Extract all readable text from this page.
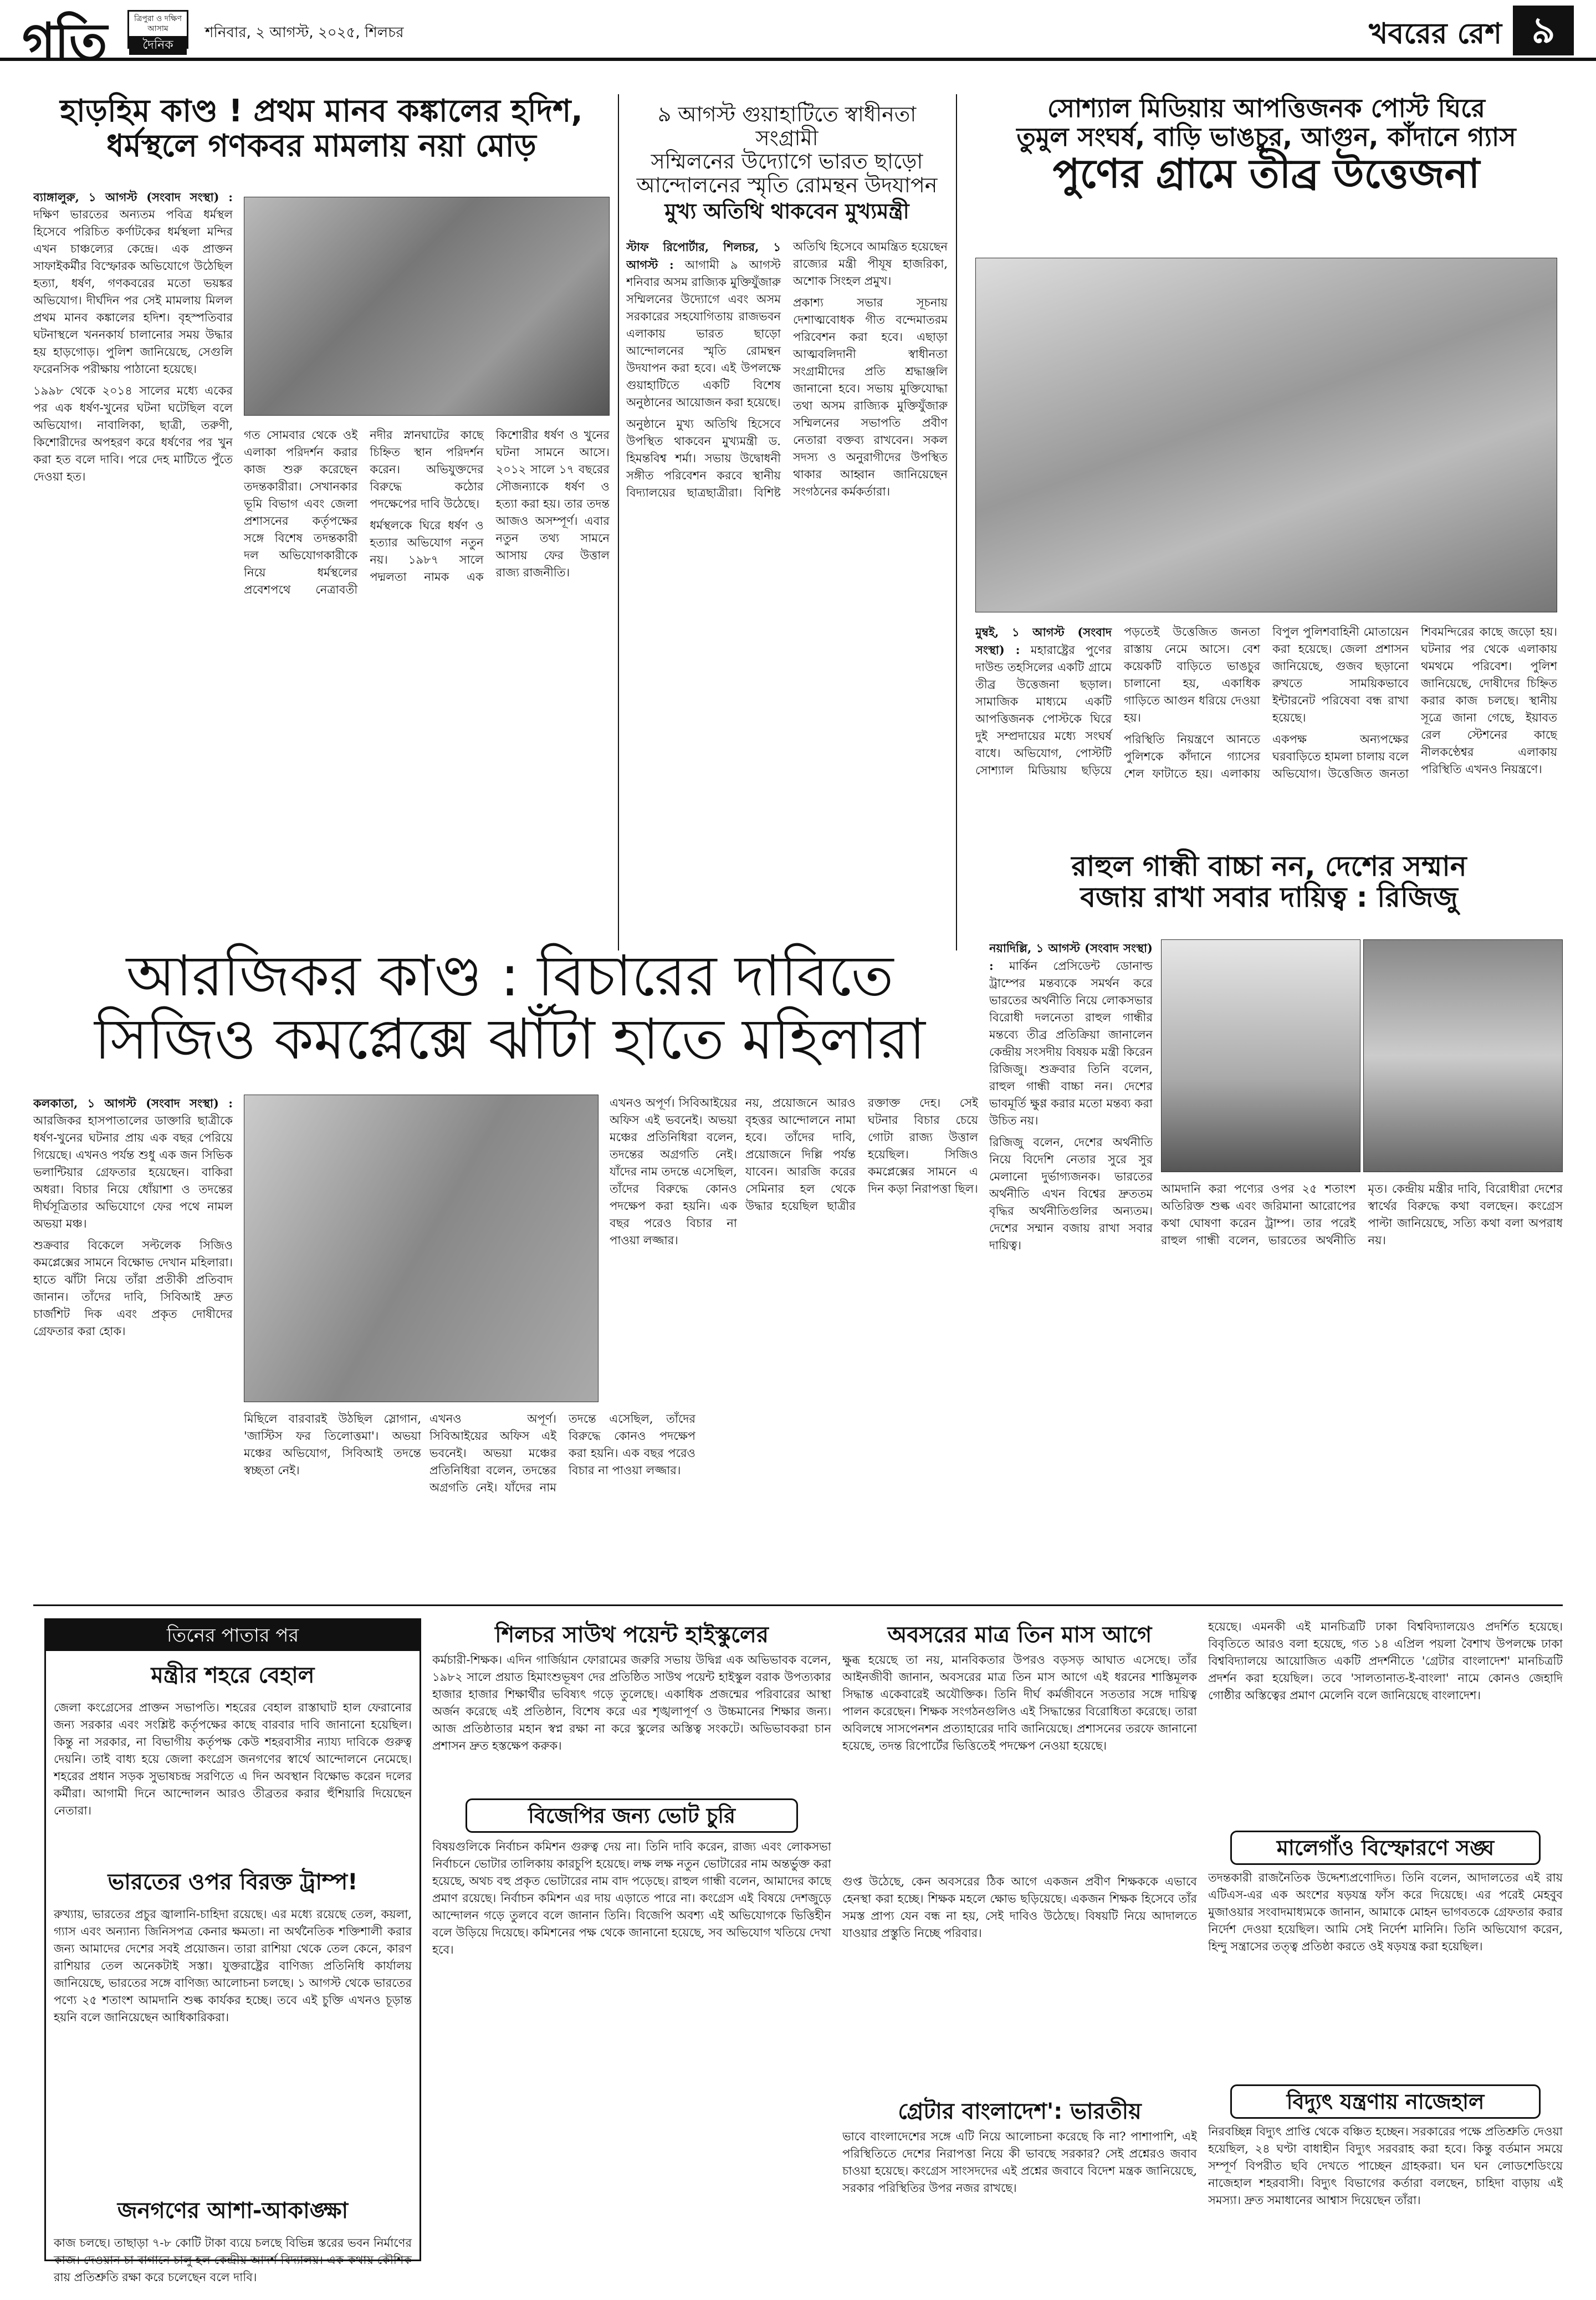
গতি	ত্রিপুরা ও দক্ষিণ আসাম
দৈনিক
শনিবার, ২ আগস্ট, ২০২৫, শিলচর	খবরের রেশ ৯
হাড়হিম কাণ্ড ! প্রথম মানব কঙ্কালের হদিশ,
ধর্মস্থলে গণকবর মামলায় নয়া মোড়

ব্যাঙ্গালুরু, ১ আগস্ট (সংবাদ সংস্থা) : দক্ষিণ ভারতের অন্যতম পবিত্র ধর্মস্থল হিসেবে পরিচিত কর্ণাটকের ধর্মস্থলা মন্দির এখন চাঞ্চল্যের কেন্দ্রে। এক প্রাক্তন সাফাইকর্মীর বিস্ফোরক অভিযোগে উঠেছিল হত্যা, ধর্ষণ, গণকবরের মতো ভয়ঙ্কর অভিযোগ। দীর্ঘদিন পর সেই মামলায় মিলল প্রথম মানব কঙ্কালের হদিশ। বৃহস্পতিবার ঘটনাস্থলে খননকার্য চালানোর সময় উদ্ধার হয় হাড়গোড়। পুলিশ জানিয়েছে, সেগুলি ফরেনসিক পরীক্ষায় পাঠানো হয়েছে।

১৯৯৮ থেকে ২০১৪ সালের মধ্যে একের পর এক ধর্ষণ-খুনের ঘটনা ঘটেছিল বলে অভিযোগ। নাবালিকা, ছাত্রী, তরুণী, কিশোরীদের অপহরণ করে ধর্ষণের পর খুন করা হত বলে দাবি। পরে দেহ মাটিতে পুঁতে দেওয়া হত।

গত সোমবার থেকে ওই এলাকা পরিদর্শন করার কাজ শুরু করেছেন তদন্তকারীরা। সেখানকার ভূমি বিভাগ এবং জেলা প্রশাসনের কর্তৃপক্ষের সঙ্গে বিশেষ তদন্তকারী দল অভিযোগকারীকে নিয়ে ধর্মস্থলের প্রবেশপথে নেত্রাবতী নদীর স্নানঘাটের কাছে চিহ্নিত স্থান পরিদর্শন করেন। অভিযুক্তদের বিরুদ্ধে কঠোর পদক্ষেপের দাবি উঠেছে।

ধর্মস্থলকে ঘিরে ধর্ষণ ও হত্যার অভিযোগ নতুন নয়। ১৯৮৭ সালে পদ্মলতা নামক এক কিশোরীর ধর্ষণ ও খুনের ঘটনা সামনে আসে। ২০১২ সালে ১৭ বছরের সৌজন্যাকে ধর্ষণ ও হত্যা করা হয়। তার তদন্ত আজও অসম্পূর্ণ। এবার নতুন তথ্য সামনে আসায় ফের উত্তাল রাজ্য রাজনীতি।

৯ আগস্ট গুয়াহাটিতে স্বাধীনতা সংগ্রামী
সম্মিলনের উদ্যোগে ভারত ছাড়ো
আন্দোলনের স্মৃতি রোমন্থন উদযাপন
মুখ্য অতিথি থাকবেন মুখ্যমন্ত্রী

স্টাফ রিপোর্টার, শিলচর, ১ আগস্ট : আগামী ৯ আগস্ট শনিবার অসম রাজ্যিক মুক্তিযুঁজারু সম্মিলনের উদ্যোগে এবং অসম সরকারের সহযোগিতায় রাজভবন এলাকায় ভারত ছাড়ো আন্দোলনের স্মৃতি রোমন্থন উদযাপন করা হবে। এই উপলক্ষে গুয়াহাটিতে একটি বিশেষ অনুষ্ঠানের আয়োজন করা হয়েছে।

অনুষ্ঠানে মুখ্য অতিথি হিসেবে উপস্থিত থাকবেন মুখ্যমন্ত্রী ড. হিমন্তবিশ্ব শর্মা। সভায় উদ্বোধনী সঙ্গীত পরিবেশন করবে স্থানীয় বিদ্যালয়ের ছাত্রছাত্রীরা। বিশিষ্ট অতিথি হিসেবে আমন্ত্রিত হয়েছেন রাজ্যের মন্ত্রী পীযূষ হাজরিকা, অশোক সিংহল প্রমুখ।

প্রকাশ্য সভার সূচনায় দেশাত্মবোধক গীত বন্দেমাতরম পরিবেশন করা হবে। এছাড়া আত্মবলিদানী স্বাধীনতা সংগ্রামীদের প্রতি শ্রদ্ধাঞ্জলি জানানো হবে। সভায় মুক্তিযোদ্ধা তথা অসম রাজ্যিক মুক্তিযুঁজারু সম্মিলনের সভাপতি প্রবীণ নেতারা বক্তব্য রাখবেন। সকল সদস্য ও অনুরাগীদের উপস্থিত থাকার আহ্বান জানিয়েছেন সংগঠনের কর্মকর্তারা।

সোশ্যাল মিডিয়ায় আপত্তিজনক পোস্ট ঘিরে
তুমুল সংঘর্ষ, বাড়ি ভাঙচুর, আগুন, কাঁদানে গ্যাস
পুণের গ্রামে তীব্র উত্তেজনা

মুম্বই, ১ আগস্ট (সংবাদ সংস্থা) : মহারাষ্ট্রের পুণের দাউন্ড তহসিলের একটি গ্রামে তীব্র উত্তেজনা ছড়াল। সামাজিক মাধ্যমে একটি আপত্তিজনক পোস্টকে ঘিরে দুই সম্প্রদায়ের মধ্যে সংঘর্ষ বাধে। অভিযোগ, পোস্টটি সোশ্যাল মিডিয়ায় ছড়িয়ে পড়তেই উত্তেজিত জনতা রাস্তায় নেমে আসে। বেশ কয়েকটি বাড়িতে ভাঙচুর চালানো হয়, একাধিক গাড়িতে আগুন ধরিয়ে দেওয়া হয়।

পরিস্থিতি নিয়ন্ত্রণে আনতে পুলিশকে কাঁদানে গ্যাসের শেল ফাটাতে হয়। এলাকায় বিপুল পুলিশবাহিনী মোতায়েন করা হয়েছে। জেলা প্রশাসন জানিয়েছে, গুজব ছড়ানো রুখতে সাময়িকভাবে ইন্টারনেট পরিষেবা বন্ধ রাখা হয়েছে।

একপক্ষ অন্যপক্ষের ঘরবাড়িতে হামলা চালায় বলে অভিযোগ। উত্তেজিত জনতা শিবমন্দিরের কাছে জড়ো হয়। ঘটনার পর থেকে এলাকায় থমথমে পরিবেশ। পুলিশ জানিয়েছে, দোষীদের চিহ্নিত করার কাজ চলছে। স্থানীয় সূত্রে জানা গেছে, ইয়াবত রেল স্টেশনের কাছে নীলকণ্ঠেশ্বর এলাকায় পরিস্থিতি এখনও নিয়ন্ত্রণে।

আরজিকর কাণ্ড : বিচারের দাবিতে
সিজিও কমপ্লেক্সে ঝাঁটা হাতে মহিলারা
রাহুল গান্ধী বাচ্চা নন, দেশের সম্মান
বজায় রাখা সবার দায়িত্ব : রিজিজু

কলকাতা, ১ আগস্ট (সংবাদ সংস্থা) : আরজিকর হাসপাতালের ডাক্তারি ছাত্রীকে ধর্ষণ-খুনের ঘটনার প্রায় এক বছর পেরিয়ে গিয়েছে। এখনও পর্যন্ত শুধু এক জন সিভিক ভলান্টিয়ার গ্রেফতার হয়েছেন। বাকিরা অধরা। বিচার নিয়ে ধোঁয়াশা ও তদন্তের দীর্ঘসূত্রিতার অভিযোগে ফের পথে নামল অভয়া মঞ্চ।

শুক্রবার বিকেলে সল্টলেক সিজিও কমপ্লেক্সের সামনে বিক্ষোভ দেখান মহিলারা। হাতে ঝাঁটা নিয়ে তাঁরা প্রতীকী প্রতিবাদ জানান। তাঁদের দাবি, সিবিআই দ্রুত চার্জশিট দিক এবং প্রকৃত দোষীদের গ্রেফতার করা হোক।

মিছিলে বারবারই উঠছিল স্লোগান, 'জাস্টিস ফর তিলোত্তমা'। অভয়া মঞ্চের অভিযোগ, সিবিআই তদন্তে স্বচ্ছতা নেই।

এখনও অপূর্ণ। সিবিআইয়ের অফিস এই ভবনেই। অভয়া মঞ্চের প্রতিনিধিরা বলেন, তদন্তের অগ্রগতি নেই। যাঁদের নাম তদন্তে এসেছিল, তাঁদের বিরুদ্ধে কোনও পদক্ষেপ করা হয়নি। এক বছর পরেও বিচার না পাওয়া লজ্জার।

এখনও অপূর্ণ। সিবিআইয়ের অফিস এই ভবনেই। অভয়া মঞ্চের প্রতিনিধিরা বলেন, তদন্তের অগ্রগতি নেই। যাঁদের নাম তদন্তে এসেছিল, তাঁদের বিরুদ্ধে কোনও পদক্ষেপ করা হয়নি। এক বছর পরেও বিচার না পাওয়া লজ্জার।

নয়, প্রয়োজনে আরও বৃহত্তর আন্দোলনে নামা হবে। তাঁদের দাবি, প্রয়োজনে দিল্লি পর্যন্ত যাবেন। আরজি করের সেমিনার হল থেকে উদ্ধার হয়েছিল ছাত্রীর রক্তাক্ত দেহ। সেই ঘটনার বিচার চেয়ে গোটা রাজ্য উত্তাল হয়েছিল। সিজিও কমপ্লেক্সের সামনে এ দিন কড়া নিরাপত্তা ছিল।

নয়াদিল্লি, ১ আগস্ট (সংবাদ সংস্থা) : মার্কিন প্রেসিডেন্ট ডোনাল্ড ট্রাম্পের মন্তব্যকে সমর্থন করে ভারতের অর্থনীতি নিয়ে লোকসভার বিরোধী দলনেতা রাহুল গান্ধীর মন্তব্যে তীব্র প্রতিক্রিয়া জানালেন কেন্দ্রীয় সংসদীয় বিষয়ক মন্ত্রী কিরেন রিজিজু। শুক্রবার তিনি বলেন, রাহুল গান্ধী বাচ্চা নন। দেশের ভাবমূর্তি ক্ষুণ্ণ করার মতো মন্তব্য করা উচিত নয়।

রিজিজু বলেন, দেশের অর্থনীতি নিয়ে বিদেশি নেতার সুরে সুর মেলানো দুর্ভাগ্যজনক। ভারতের অর্থনীতি এখন বিশ্বের দ্রুততম বৃদ্ধির অর্থনীতিগুলির অন্যতম। দেশের সম্মান বজায় রাখা সবার দায়িত্ব।

আমদানি করা পণ্যের ওপর ২৫ শতাংশ অতিরিক্ত শুল্ক এবং জরিমানা আরোপের কথা ঘোষণা করেন ট্রাম্প। তার পরেই রাহুল গান্ধী বলেন, ভারতের অর্থনীতি মৃত। কেন্দ্রীয় মন্ত্রীর দাবি, বিরোধীরা দেশের স্বার্থের বিরুদ্ধে কথা বলছেন। কংগ্রেস পাল্টা জানিয়েছে, সত্যি কথা বলা অপরাধ নয়।

তিনের পাতার পর
মন্ত্রীর শহরে বেহাল
জেলা কংগ্রেসের প্রাক্তন সভাপতি। শহরের বেহাল রাস্তাঘাট হাল ফেরানোর জন্য সরকার এবং সংশ্লিষ্ট কর্তৃপক্ষের কাছে বারবার দাবি জানানো হয়েছিল। কিন্তু না সরকার, না বিভাগীয় কর্তৃপক্ষ কেউ শহরবাসীর ন্যায্য দাবিকে গুরুত্ব দেয়নি। তাই বাধ্য হয়ে জেলা কংগ্রেস জনগণের স্বার্থে আন্দোলনে নেমেছে। শহরের প্রধান সড়ক সুভাষচন্দ্র সরণিতে এ দিন অবস্থান বিক্ষোভ করেন দলের কর্মীরা। আগামী দিনে আন্দোলন আরও তীব্রতর করার হুঁশিয়ারি দিয়েছেন নেতারা।
ভারতের ওপর বিরক্ত ট্রাম্প!
রুখ্যায়, ভারতের প্রচুর জ্বালানি-চাহিদা রয়েছে। এর মধ্যে রয়েছে তেল, কয়লা, গ্যাস এবং অন্যান্য জিনিসপত্র কেনার ক্ষমতা। না অর্থনৈতিক শক্তিশালী করার জন্য আমাদের দেশের সবই প্রয়োজন। তারা রাশিয়া থেকে তেল কেনে, কারণ রাশিয়ার তেল অনেকটাই সস্তা। যুক্তরাষ্ট্রের বাণিজ্য প্রতিনিধি কার্যালয় জানিয়েছে, ভারতের সঙ্গে বাণিজ্য আলোচনা চলছে। ১ আগস্ট থেকে ভারতের পণ্যে ২৫ শতাংশ আমদানি শুল্ক কার্যকর হচ্ছে। তবে এই চুক্তি এখনও চূড়ান্ত হয়নি বলে জানিয়েছেন আধিকারিকরা।
জনগণের আশা-আকাঙ্ক্ষা
কাজ চলছে। তাছাড়া ৭-৮ কোটি টাকা ব্যয়ে চলছে বিভিন্ন স্তরের ভবন নির্মাণের কাজ। দেওয়ান চা বাগানে চালু হল কেন্দ্রীয় আদর্শ বিদ্যালয়। এক কথায় কৌশিক রায় প্রতিশ্রুতি রক্ষা করে চলেছেন বলে দাবি।
শিলচর সাউথ পয়েন্ট হাইস্কুলের
কর্মচারী-শিক্ষক। এদিন গার্জিয়ান ফোরামের জরুরি সভায় উদ্বিগ্ন এক অভিভাবক বলেন, ১৯৮২ সালে প্রয়াত হিমাংশুভূষণ দের প্রতিষ্ঠিত সাউথ পয়েন্ট হাইস্কুল বরাক উপত্যকার হাজার হাজার শিক্ষার্থীর ভবিষ্যৎ গড়ে তুলেছে। একাধিক প্রজন্মের পরিবারের আস্থা অর্জন করেছে এই প্রতিষ্ঠান, বিশেষ করে এর শৃঙ্খলাপূর্ণ ও উচ্চমানের শিক্ষার জন্য। আজ প্রতিষ্ঠাতার মহান স্বপ্ন রক্ষা না করে স্কুলের অস্তিত্ব সংকটে। অভিভাবকরা চান প্রশাসন দ্রুত হস্তক্ষেপ করুক।
বিজেপির জন্য ভোট চুরি
বিষয়গুলিকে নির্বাচন কমিশন গুরুত্ব দেয় না। তিনি দাবি করেন, রাজ্য এবং লোকসভা নির্বাচনে ভোটার তালিকায় কারচুপি হয়েছে। লক্ষ লক্ষ নতুন ভোটারের নাম অন্তর্ভুক্ত করা হয়েছে, অথচ বহু প্রকৃত ভোটারের নাম বাদ পড়েছে। রাহুল গান্ধী বলেন, আমাদের কাছে প্রমাণ রয়েছে। নির্বাচন কমিশন এর দায় এড়াতে পারে না। কংগ্রেস এই বিষয়ে দেশজুড়ে আন্দোলন গড়ে তুলবে বলে জানান তিনি। বিজেপি অবশ্য এই অভিযোগকে ভিত্তিহীন বলে উড়িয়ে দিয়েছে। কমিশনের পক্ষ থেকে জানানো হয়েছে, সব অভিযোগ খতিয়ে দেখা হবে।
অবসরের মাত্র তিন মাস আগে
ক্ষুব্ধ হয়েছে তা নয়, মানবিকতার উপরও বড়সড় আঘাত এসেছে। তাঁর আইনজীবী জানান, অবসরের মাত্র তিন মাস আগে এই ধরনের শাস্তিমূলক সিদ্ধান্ত একেবারেই অযৌক্তিক। তিনি দীর্ঘ কর্মজীবনে সততার সঙ্গে দায়িত্ব পালন করেছেন। শিক্ষক সংগঠনগুলিও এই সিদ্ধান্তের বিরোধিতা করেছে। তারা অবিলম্বে সাসপেনশন প্রত্যাহারের দাবি জানিয়েছে। প্রশাসনের তরফে জানানো হয়েছে, তদন্ত রিপোর্টের ভিত্তিতেই পদক্ষেপ নেওয়া হয়েছে।
গুপ্ত উঠেছে, কেন অবসরের ঠিক আগে একজন প্রবীণ শিক্ষককে এভাবে হেনস্থা করা হচ্ছে। শিক্ষক মহলে ক্ষোভ ছড়িয়েছে। একজন শিক্ষক হিসেবে তাঁর সমস্ত প্রাপ্য যেন বন্ধ না হয়, সেই দাবিও উঠেছে। বিষয়টি নিয়ে আদালতে যাওয়ার প্রস্তুতি নিচ্ছে পরিবার।
গ্রেটার বাংলাদেশ': ভারতীয়
ভাবে বাংলাদেশের সঙ্গে এটি নিয়ে আলোচনা করেছে কি না? পাশাপাশি, এই পরিস্থিতিতে দেশের নিরাপত্তা নিয়ে কী ভাবছে সরকার? সেই প্রশ্নেরও জবাব চাওয়া হয়েছে। কংগ্রেস সাংসদদের এই প্রশ্নের জবাবে বিদেশ মন্ত্রক জানিয়েছে, সরকার পরিস্থিতির উপর নজর রাখছে।
হয়েছে। এমনকী এই মানচিত্রটি ঢাকা বিশ্ববিদ্যালয়েও প্রদর্শিত হয়েছে। বিবৃতিতে আরও বলা হয়েছে, গত ১৪ এপ্রিল পয়লা বৈশাখ উপলক্ষে ঢাকা বিশ্ববিদ্যালয়ে আয়োজিত একটি প্রদর্শনীতে 'গ্রেটার বাংলাদেশ' মানচিত্রটি প্রদর্শন করা হয়েছিল। তবে 'সালতানাত-ই-বাংলা' নামে কোনও জেহাদি গোষ্ঠীর অস্তিত্বের প্রমাণ মেলেনি বলে জানিয়েছে বাংলাদেশ।
মালেগাঁও বিস্ফোরণে সঙ্ঘ
তদন্তকারী রাজনৈতিক উদ্দেশ্যপ্রণোদিত। তিনি বলেন, আদালতের এই রায় এটিএস-এর এক অংশের ষড়যন্ত্র ফাঁস করে দিয়েছে। এর পরেই মেহবুব মুজাওয়ার সংবাদমাধ্যমকে জানান, আমাকে মোহন ভাগবতকে গ্রেফতার করার নির্দেশ দেওয়া হয়েছিল। আমি সেই নির্দেশ মানিনি। তিনি অভিযোগ করেন, হিন্দু সন্ত্রাসের তত্ত্ব প্রতিষ্ঠা করতে ওই ষড়যন্ত্র করা হয়েছিল।
বিদ্যুৎ যন্ত্রণায় নাজেহাল
নিরবচ্ছিন্ন বিদ্যুৎ প্রাপ্তি থেকে বঞ্চিত হচ্ছেন। সরকারের পক্ষে প্রতিশ্রুতি দেওয়া হয়েছিল, ২৪ ঘণ্টা বাধাহীন বিদ্যুৎ সরবরাহ করা হবে। কিন্তু বর্তমান সময়ে সম্পূর্ণ বিপরীত ছবি দেখতে পাচ্ছেন গ্রাহকরা। ঘন ঘন লোডশেডিংয়ে নাজেহাল শহরবাসী। বিদ্যুৎ বিভাগের কর্তারা বলছেন, চাহিদা বাড়ায় এই সমস্যা। দ্রুত সমাধানের আশ্বাস দিয়েছেন তাঁরা।
